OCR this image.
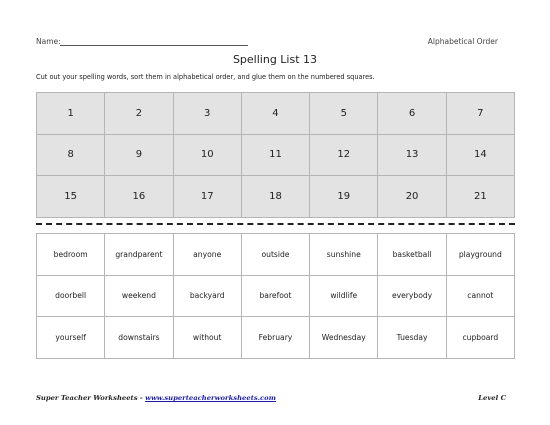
Name:	Alphabetical Order
Spelling List 13
Cut out your spelling words, sort them in alphabetical order, and glue them on the numbered squares.
1	2	3	4	5	6	7
8	9	10	11	12	13	14
15	16	17	18	19	20	21
bedroom	grandparent	anyone	outside	sunshine	basketball	playground
doorbell	weekend	backyard	barefoot	wildlife	everybody	cannot
yourself	downstairs	without	February	Wednesday	Tuesday	cupboard
Super Teacher Worksheets - www.superteacherworksheets.com	Level C
